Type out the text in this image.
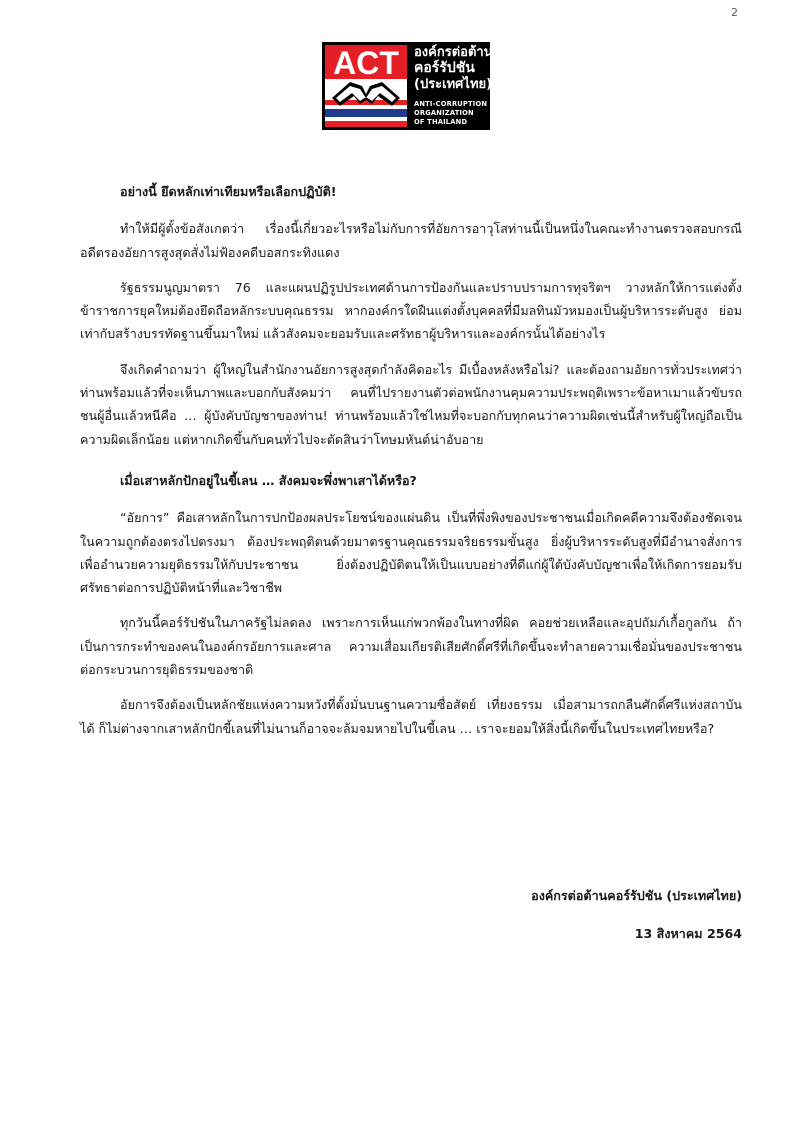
2
ACT องค์กรต่อต้าน
คอร์รัปชัน
(ประเทศไทย)
ANTI-CORRUPTION
ORGANIZATION
OF THAILAND
อย่างนี้ ยึดหลักเท่าเทียมหรือเลือกปฏิบัติ!

ทำให้มีผู้ตั้งข้อสังเกตว่า เรื่องนี้เกี่ยวอะไรหรือไม่กับการที่อัยการอาวุโสท่านนี้เป็นหนึ่งในคณะทำงานตรวจสอบกรณีอดีตรองอัยการสูงสุดสั่งไม่ฟ้องคดีบอสกระทิงแดง

รัฐธรรมนูญมาตรา 76 และแผนปฏิรูปประเทศด้านการป้องกันและปราบปรามการทุจริตฯ วางหลักให้การแต่งตั้งข้าราชการยุคใหม่ต้องยึดถือหลักระบบคุณธรรม หากองค์กรใดฝืนแต่งตั้งบุคคลที่มีมลทินมัวหมองเป็นผู้บริหารระดับสูง ย่อมเท่ากับสร้างบรรทัดฐานขึ้นมาใหม่ แล้วสังคมจะยอมรับและศรัทธาผู้บริหารและองค์กรนั้นได้อย่างไร

จึงเกิดคำถามว่า ผู้ใหญ่ในสำนักงานอัยการสูงสุดกำลังคิดอะไร มีเบื้องหลังหรือไม่? และต้องถามอัยการทั่วประเทศว่า ท่านพร้อมแล้วที่จะเห็นภาพและบอกกับสังคมว่า คนที่ไปรายงานตัวต่อพนักงานคุมความประพฤติเพราะข้อหาเมาแล้วขับรถชนผู้อื่นแล้วหนีคือ … ผู้บังคับบัญชาของท่าน! ท่านพร้อมแล้วใช่ไหมที่จะบอกกับทุกคนว่าความผิดเช่นนี้สำหรับผู้ใหญ่ถือเป็นความผิดเล็กน้อย แต่หากเกิดขึ้นกับคนทั่วไปจะตัดสินว่าโทษมหันต์น่าอับอาย

เมื่อเสาหลักปักอยู่ในขี้เลน … สังคมจะพึ่งพาเสาได้หรือ?

“อัยการ” คือเสาหลักในการปกป้องผลประโยชน์ของแผ่นดิน เป็นที่พึ่งพิงของประชาชนเมื่อเกิดคดีความจึงต้องชัดเจนในความถูกต้องตรงไปตรงมา ต้องประพฤติตนด้วยมาตรฐานคุณธรรมจริยธรรมขั้นสูง ยิ่งผู้บริหารระดับสูงที่มีอำนาจสั่งการเพื่ออำนวยความยุติธรรมให้กับประชาชน ยิ่งต้องปฏิบัติตนให้เป็นแบบอย่างที่ดีแก่ผู้ใต้บังคับบัญชาเพื่อให้เกิดการยอมรับศรัทธาต่อการปฏิบัติหน้าที่และวิชาชีพ

ทุกวันนี้คอร์รัปชันในภาครัฐไม่ลดลง เพราะการเห็นแก่พวกพ้องในทางที่ผิด คอยช่วยเหลือและอุปถัมภ์เกื้อกูลกัน ถ้าเป็นการกระทำของคนในองค์กรอัยการและศาล ความเสื่อมเกียรติเสียศักดิ์ศรีที่เกิดขึ้นจะทำลายความเชื่อมั่นของประชาชนต่อกระบวนการยุติธรรมของชาติ

อัยการจึงต้องเป็นหลักชัยแห่งความหวังที่ตั้งมั่นบนฐานความซื่อสัตย์ เที่ยงธรรม เมื่อสามารถกลืนศักดิ์ศรีแห่งสถาบันได้ ก็ไม่ต่างจากเสาหลักปักขี้เลนที่ไม่นานก็อาจจะล้มจมหายไปในขี้เลน … เราจะยอมให้สิ่งนี้เกิดขึ้นในประเทศไทยหรือ?

องค์กรต่อต้านคอร์รัปชัน (ประเทศไทย)
13 สิงหาคม 2564
